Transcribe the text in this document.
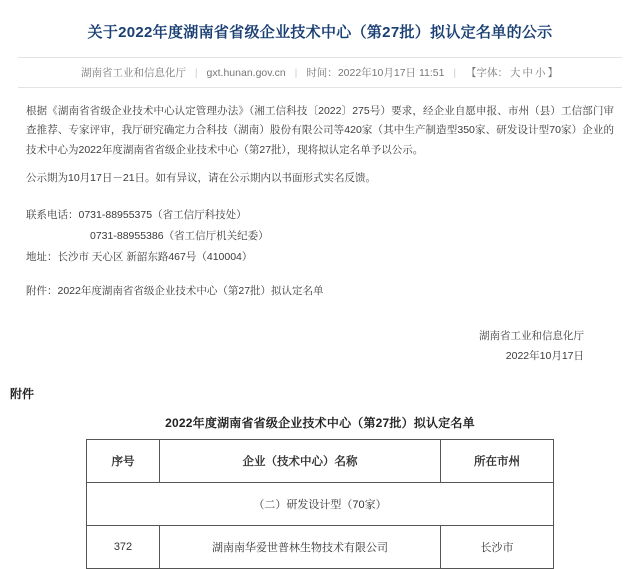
关于2022年度湖南省省级企业技术中心（第27批）拟认定名单的公示
湖南省工业和信息化厅 | gxt.hunan.gov.cn | 时间：2022年10月17日 11:51 | 【字体： 大 中 小 】

根据《湖南省省级企业技术中心认定管理办法》（湘工信科技〔2022〕275号）要求，经企业自愿申报、市州（县）工信部门审查推荐、专家评审，我厅研究确定力合科技（湖南）股份有限公司等420家（其中生产制造型350家、研发设计型70家）企业的技术中心为2022年度湖南省省级企业技术中心（第27批），现将拟认定名单予以公示。

公示期为10月17日－21日。如有异议，请在公示期内以书面形式实名反馈。

联系电话：0731-88955375（省工信厅科技处）
0731-88955386（省工信厅机关纪委）
地址：长沙市 天心区 新韶东路467号（410004）
附件：2022年度湖南省省级企业技术中心（第27批）拟认定名单
湖南省工业和信息化厅
2022年10月17日
附件
2022年度湖南省省级企业技术中心（第27批）拟认定名单
序号	企业（技术中心）名称	所在市州
（二）研发设计型（70家）		
372	湖南南华爱世普林生物技术有限公司	长沙市
